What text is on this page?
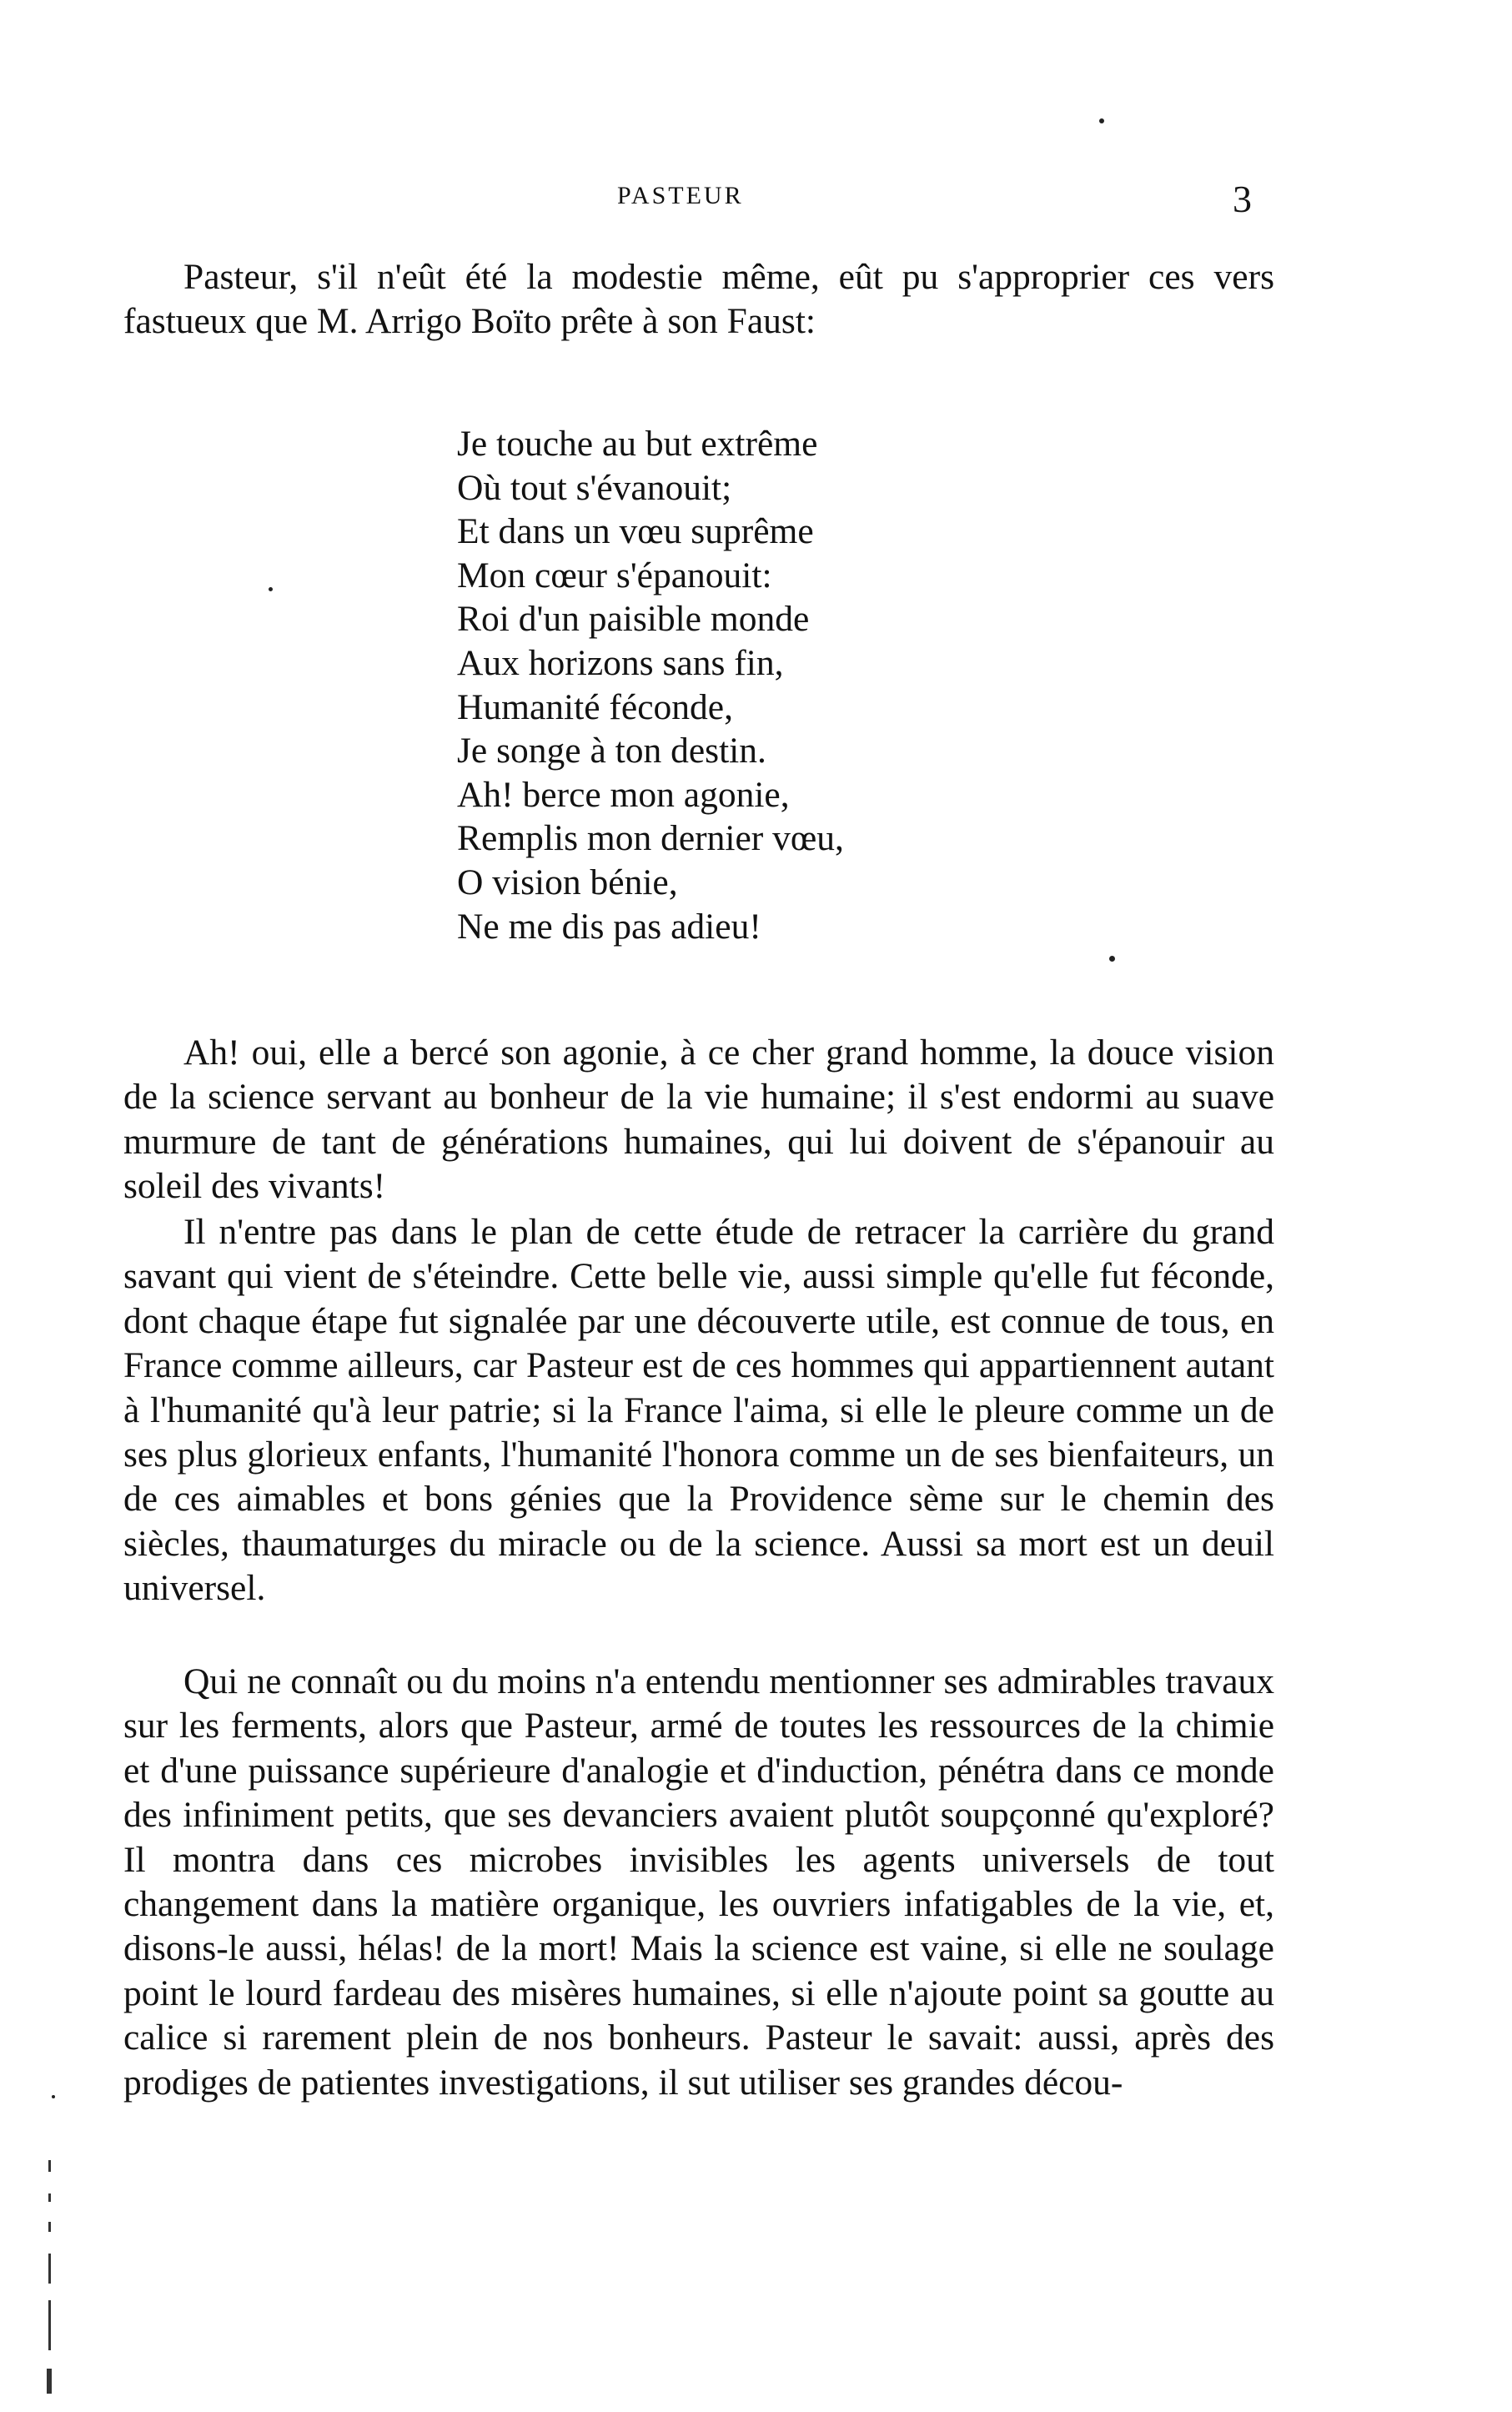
PASTEUR	3

Pasteur, s'il n'eût été la modestie même, eût pu s'approprier ces vers fastueux que M. Arrigo Boïto prête à son Faust:

Je touche au but extrême
Où tout s'évanouit;
Et dans un vœu suprême
Mon cœur s'épanouit:
Roi d'un paisible monde
Aux horizons sans fin,
Humanité féconde,
Je songe à ton destin.
Ah! berce mon agonie,
Remplis mon dernier vœu,
O vision bénie,
Ne me dis pas adieu!

Ah! oui, elle a bercé son agonie, à ce cher grand homme, la douce vision de la science servant au bonheur de la vie humaine; il s'est endormi au suave murmure de tant de générations humaines, qui lui doivent de s'épanouir au soleil des vivants!

Il n'entre pas dans le plan de cette étude de retracer la carrière du grand savant qui vient de s'éteindre. Cette belle vie, aussi simple qu'elle fut féconde, dont chaque étape fut signalée par une découverte utile, est connue de tous, en France comme ailleurs, car Pasteur est de ces hommes qui appartiennent autant à l'humanité qu'à leur patrie; si la France l'aima, si elle le pleure comme un de ses plus glorieux enfants, l'humanité l'honora comme un de ses bienfaiteurs, un de ces aimables et bons génies que la Providence sème sur le chemin des siècles, thaumaturges du miracle ou de la science. Aussi sa mort est un deuil universel.

Qui ne connaît ou du moins n'a entendu mentionner ses admirables travaux sur les ferments, alors que Pasteur, armé de toutes les ressources de la chimie et d'une puissance supérieure d'analogie et d'induction, pénétra dans ce monde des infiniment petits, que ses devanciers avaient plutôt soupçonné qu'exploré? Il montra dans ces microbes invisibles les agents universels de tout changement dans la matière organique, les ouvriers infatigables de la vie, et, disons-le aussi, hélas! de la mort! Mais la science est vaine, si elle ne soulage point le lourd fardeau des misères humaines, si elle n'ajoute point sa goutte au calice si rarement plein de nos bonheurs. Pasteur le savait: aussi, après des prodiges de patientes investigations, il sut utiliser ses grandes décou-
